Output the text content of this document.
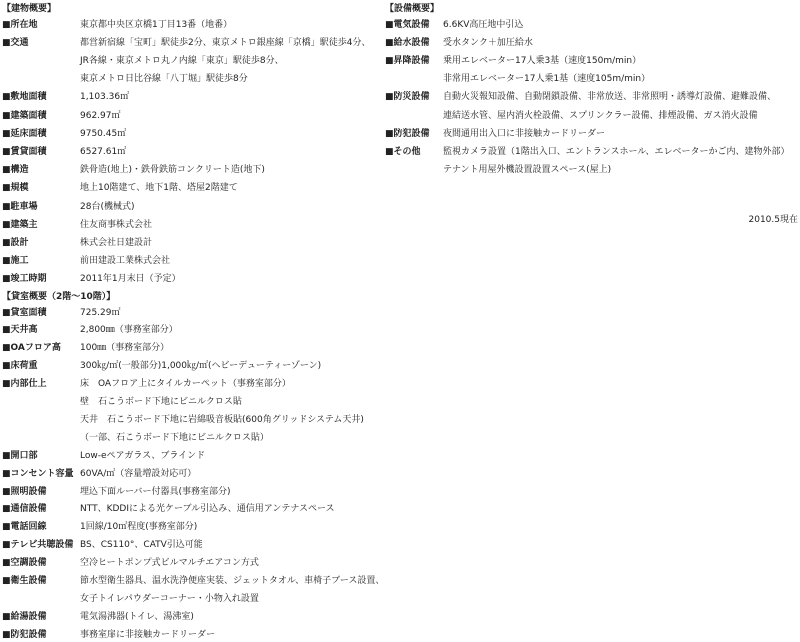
【建物概要】
■所在地	東京都中央区京橋1丁目13番（地番）
■交通	都営新宿線「宝町」駅徒歩2分、東京メトロ銀座線「京橋」駅徒歩4分、
JR各線・東京メトロ丸ノ内線「東京」駅徒歩8分、
東京メトロ日比谷線「八丁堀」駅徒歩8分
■敷地面積	1,103.36㎡
■建築面積	962.97㎡
■延床面積	9750.45㎡
■賃貸面積	6527.61㎡
■構造	鉄骨造(地上)・鉄骨鉄筋コンクリート造(地下)
■規模	地上10階建て、地下1階、塔屋2階建て
■駐車場	28台(機械式)
■建築主	住友商事株式会社
■設計	株式会社日建設計
■施工	前田建設工業株式会社
■竣工時期	2011年1月末日（予定）
【設備概要】
■電気設備	6.6KV高圧地中引込
■給水設備	受水タンク＋加圧給水
■昇降設備	乗用エレベーター17人乗3基（速度150m/min）
非常用エレベーター17人乗1基（速度105m/min）
■防災設備	自動火災報知設備、自動閉鎖設備、非常放送、非常照明・誘導灯設備、避難設備、
連結送水管、屋内消火栓設備、スプリンクラー設備、排煙設備、ガス消火設備
■防犯設備	夜間通用出入口に非接触カードリーダー
■その他	監視カメラ設置（1階出入口、エントランスホール、エレベーターかご内、建物外部）
テナント用屋外機設置設置スペース(屋上)
2010.5現在
【貸室概要（2階～10階）】
■貸室面積	725.29㎡
■天井高	2,800㎜（事務室部分）
■OAフロア高	100㎜（事務室部分）
■床荷重	300㎏/㎡(一般部分)1,000㎏/㎡(ヘビーデューティーゾーン)
■内部仕上	床　OAフロア上にタイルカーペット（事務室部分）
壁　石こうボード下地にビニルクロス貼
天井　石こうボード下地に岩綿吸音板貼(600角グリッドシステム天井)
（一部、石こうボード下地にビニルクロス貼）
■開口部	Low-eペアガラス、ブラインド
■コンセント容量 60VA/㎡（容量増設対応可）
■照明設備	埋込下面ルーバー付器具(事務室部分)
■通信設備	NTT、KDDIによる光ケーブル引込み、通信用アンテナスペース
■電話回線	1回線/10㎡程度(事務室部分)
■テレビ共聴設備 BS、CS110°、CATV引込可能
■空調設備	空冷ヒートポンプ式ビルマルチエアコン方式
■衛生設備	節水型衛生器具、温水洗浄便座実装、ジェットタオル、車椅子ブース設置、
女子トイレパウダーコーナー・小物入れ設置
■給湯設備	電気湯沸器(トイレ、湯沸室)
■防犯設備	事務室扉に非接触カードリーダー
